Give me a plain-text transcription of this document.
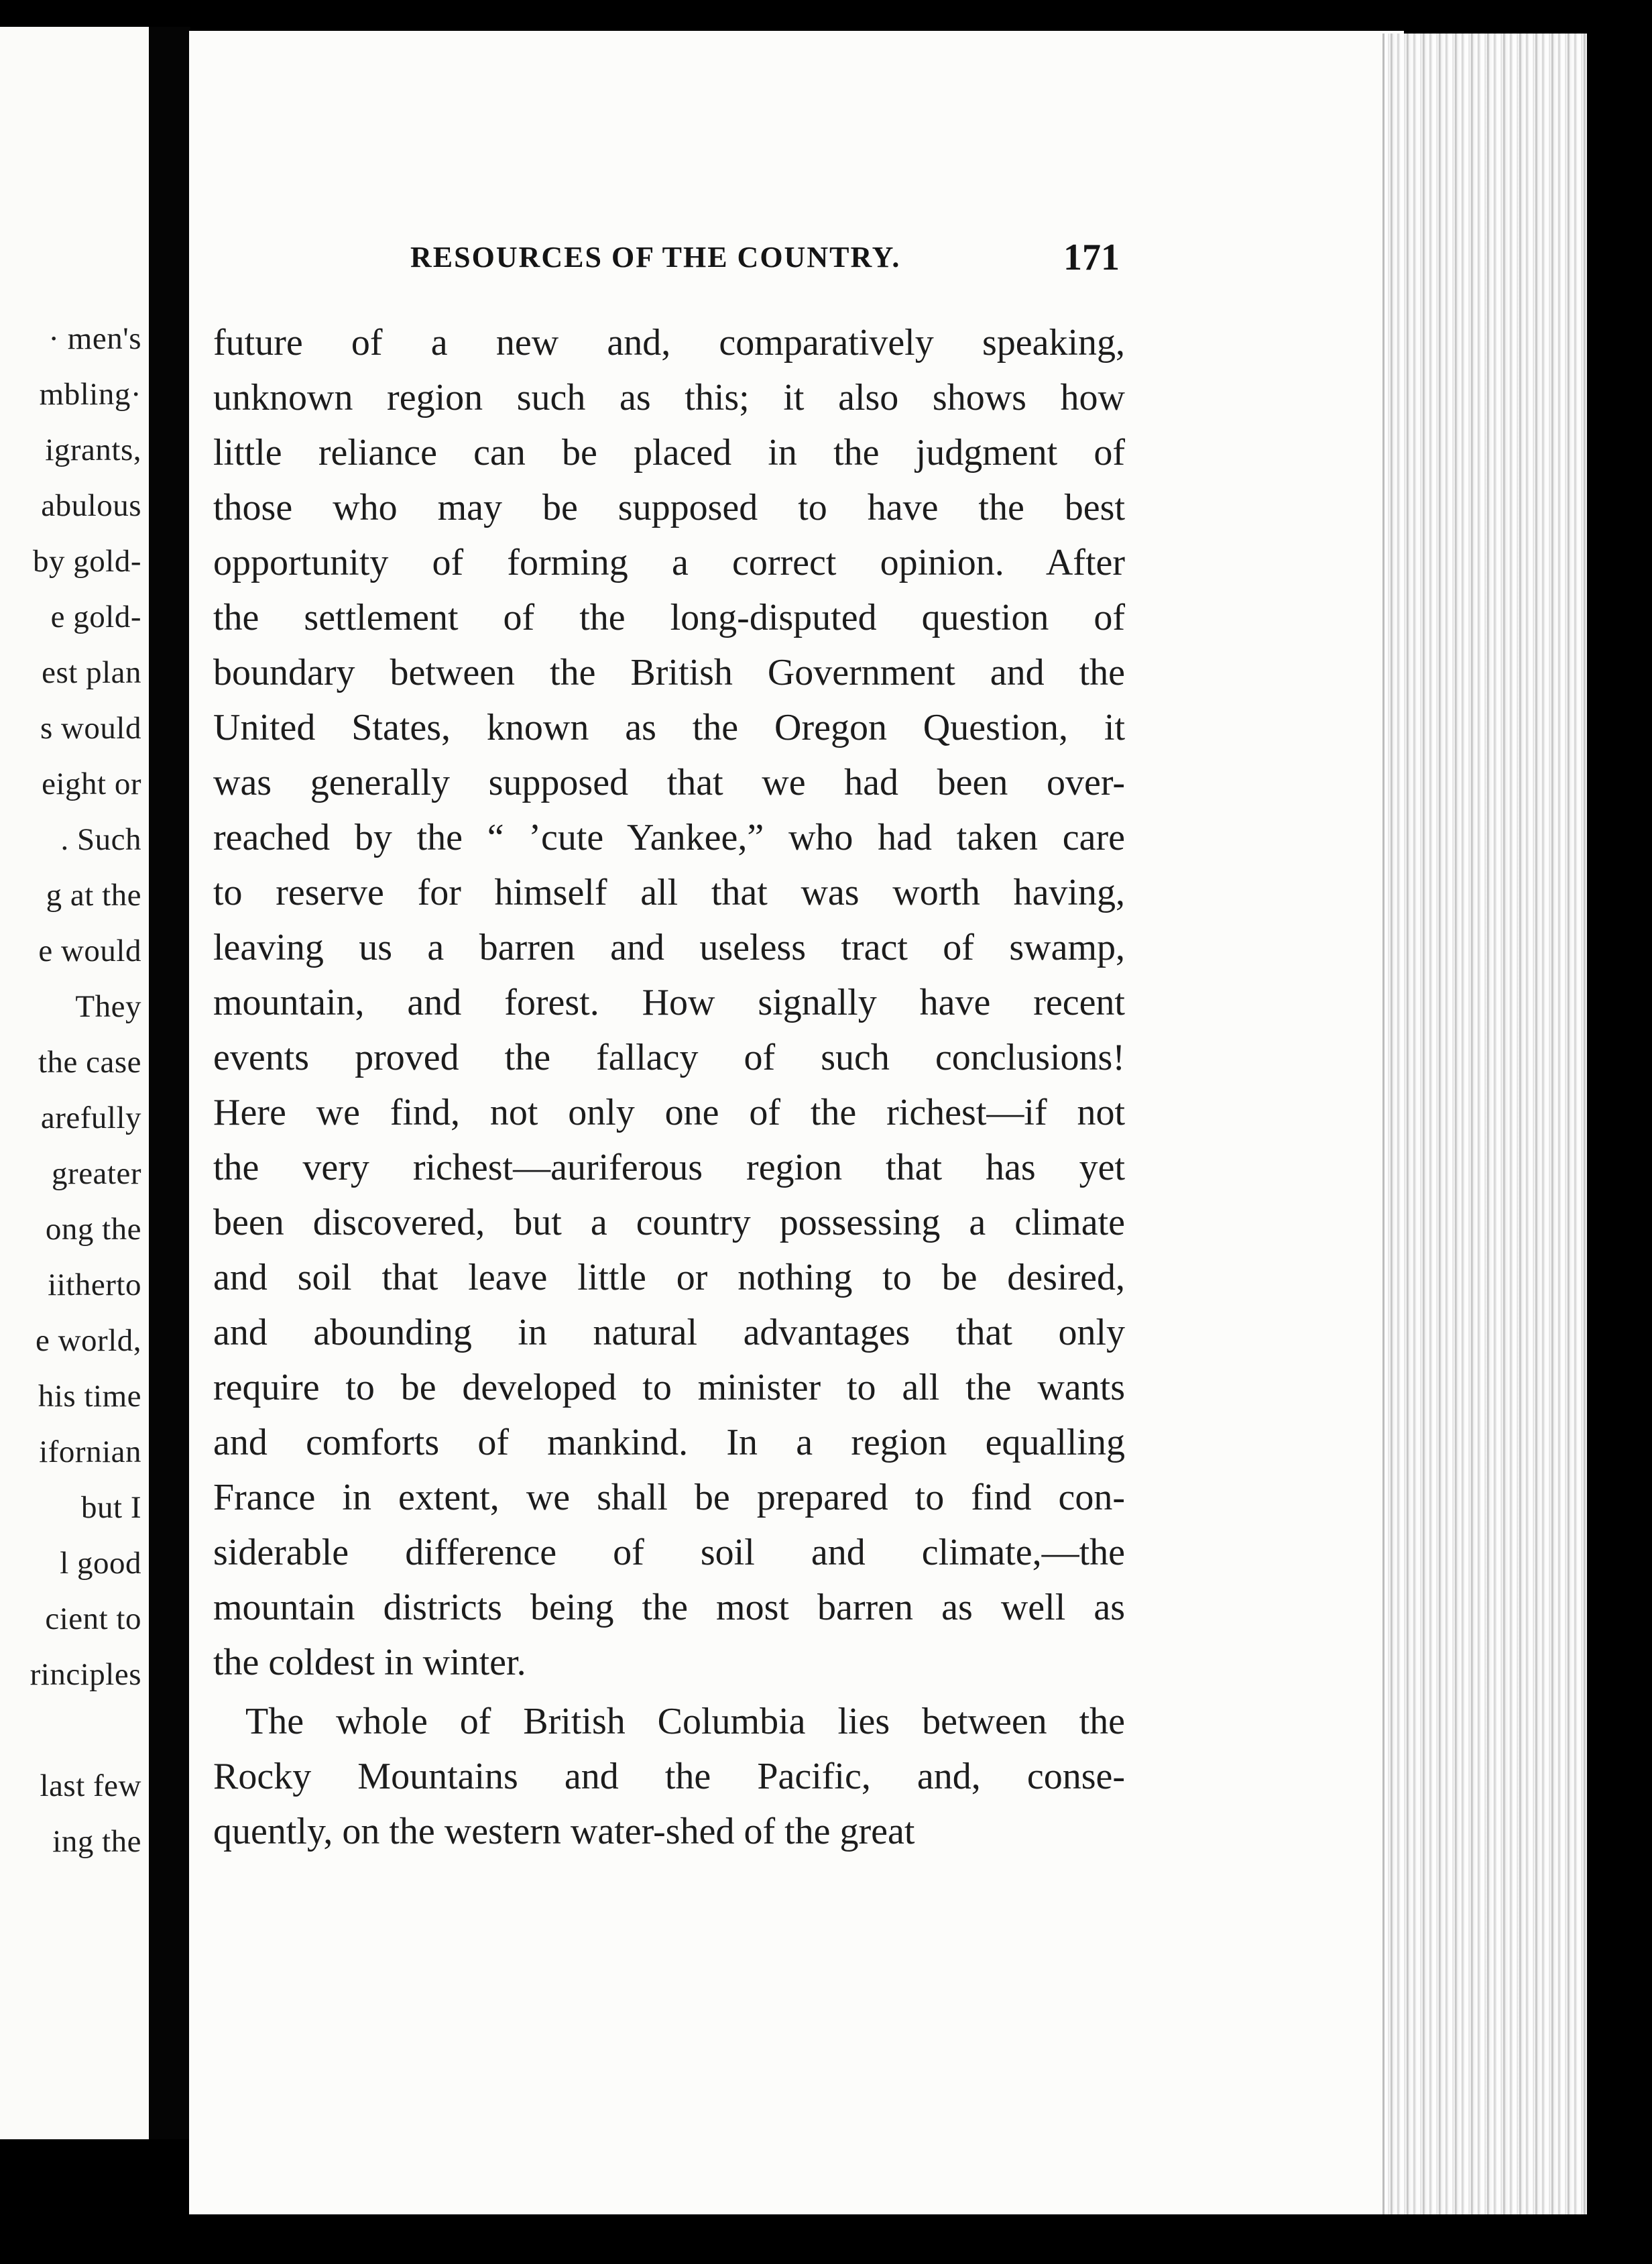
· men's
mbling·
igrants,
abulous
by gold-
e gold-
est plan
s would
eight or
. Such
g at the
e would
They
the case
arefully
greater
ong the
iitherto
e world,
his time
ifornian
but I
l good
cient to
rinciples
last few
ing the
RESOURCES OF THE COUNTRY.	171
future of a new and, comparatively speaking,
unknown region such as this; it also shows how
little reliance can be placed in the judgment of
those who may be supposed to have the best
opportunity of forming a correct opinion. After
the settlement of the long-disputed question of
boundary between the British Government and the
United States, known as the Oregon Question, it
was generally supposed that we had been over-
reached by the “ ’cute Yankee,” who had taken care
to reserve for himself all that was worth having,
leaving us a barren and useless tract of swamp,
mountain, and forest. How signally have recent
events proved the fallacy of such conclusions!
Here we find, not only one of the richest—if not
the very richest—auriferous region that has yet
been discovered, but a country possessing a climate
and soil that leave little or nothing to be desired,
and abounding in natural advantages that only
require to be developed to minister to all the wants
and comforts of mankind. In a region equalling
France in extent, we shall be prepared to find con-
siderable difference of soil and climate,—the
mountain districts being the most barren as well as
the coldest in winter.
The whole of British Columbia lies between the
Rocky Mountains and the Pacific, and, conse-
quently, on the western water-shed of the great
